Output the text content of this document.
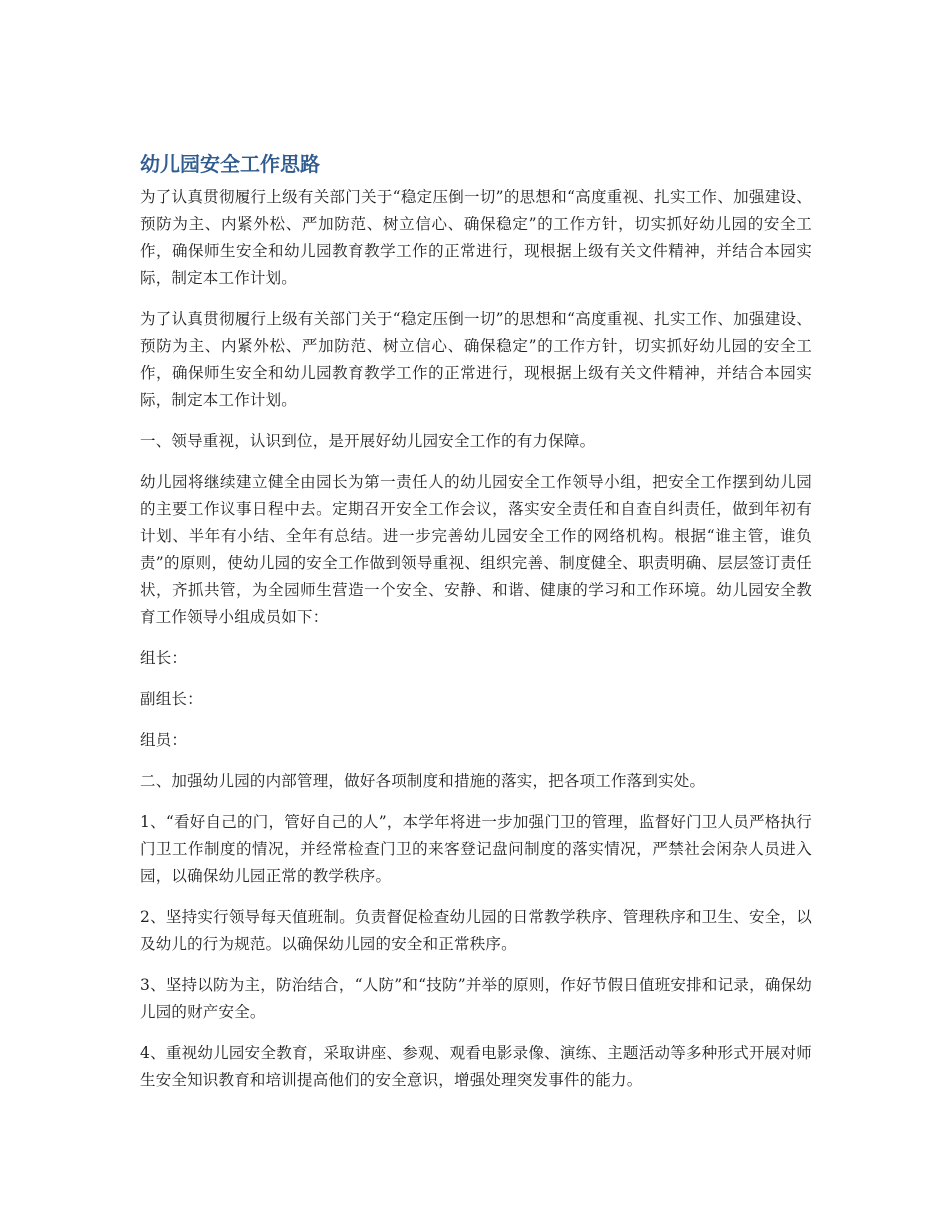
幼儿园安全工作思路

为了认真贯彻履行上级有关部门关于“稳定压倒一切”的思想和“高度重视、扎实工作、加强建设、预防为主、内紧外松、严加防范、树立信心、确保稳定”的工作方针，切实抓好幼儿园的安全工作，确保师生安全和幼儿园教育教学工作的正常进行，现根据上级有关文件精神，并结合本园实际，制定本工作计划。

为了认真贯彻履行上级有关部门关于“稳定压倒一切”的思想和“高度重视、扎实工作、加强建设、预防为主、内紧外松、严加防范、树立信心、确保稳定”的工作方针，切实抓好幼儿园的安全工作，确保师生安全和幼儿园教育教学工作的正常进行，现根据上级有关文件精神，并结合本园实际，制定本工作计划。

一、领导重视，认识到位，是开展好幼儿园安全工作的有力保障。

幼儿园将继续建立健全由园长为第一责任人的幼儿园安全工作领导小组，把安全工作摆到幼儿园的主要工作议事日程中去。定期召开安全工作会议，落实安全责任和自查自纠责任，做到年初有计划、半年有小结、全年有总结。进一步完善幼儿园安全工作的网络机构。根据“谁主管，谁负责”的原则，使幼儿园的安全工作做到领导重视、组织完善、制度健全、职责明确、层层签订责任状，齐抓共管，为全园师生营造一个安全、安静、和谐、健康的学习和工作环境。幼儿园安全教育工作领导小组成员如下：

组长：

副组长：

组员：

二、加强幼儿园的内部管理，做好各项制度和措施的落实，把各项工作落到实处。

1、“看好自己的门，管好自己的人”，本学年将进一步加强门卫的管理，监督好门卫人员严格执行门卫工作制度的情况，并经常检查门卫的来客登记盘问制度的落实情况，严禁社会闲杂人员进入园，以确保幼儿园正常的教学秩序。

2、坚持实行领导每天值班制。负责督促检查幼儿园的日常教学秩序、管理秩序和卫生、安全，以及幼儿的行为规范。以确保幼儿园的安全和正常秩序。

3、坚持以防为主，防治结合，“人防”和“技防”并举的原则，作好节假日值班安排和记录，确保幼儿园的财产安全。

4、重视幼儿园安全教育，采取讲座、参观、观看电影录像、演练、主题活动等多种形式开展对师生安全知识教育和培训提高他们的安全意识，增强处理突发事件的能力。
